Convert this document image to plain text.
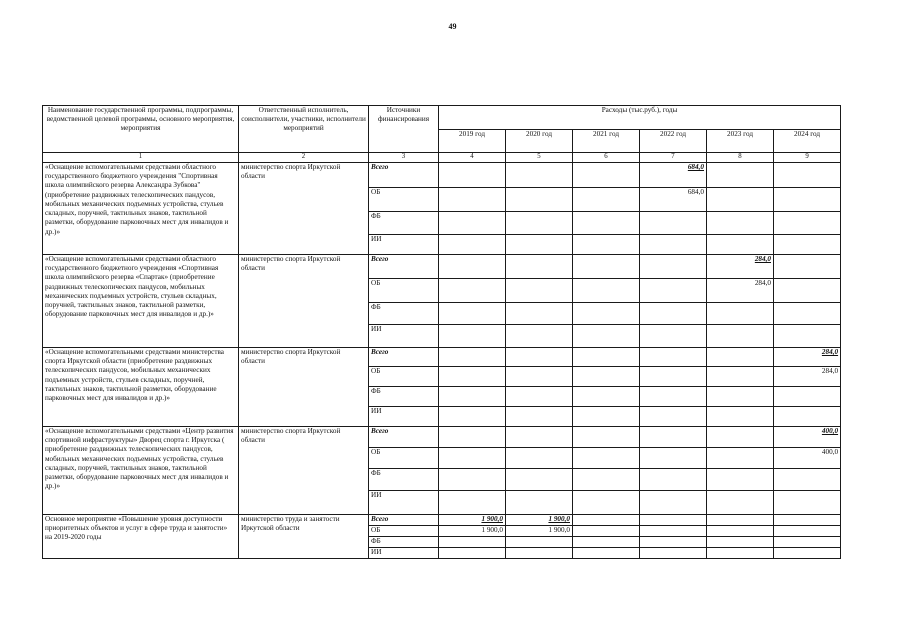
49
Наименование государственной программы, подпрограммы, ведомственной целевой программы, основного мероприятия, мероприятия	Ответственный исполнитель, соисполнители, участники, исполнители мероприятий	Источники финансирования	Расходы (тыс.руб.), годы					
			2019 год	2020 год	2021 год	2022 год	2023 год	2024 год
1	2	3	4	5	6	7	8	9
«Оснащение вспомогательными средствами областного государственного бюджетного учреждения "Спортивная школа олимпийского резерва Александра Зубкова" (приобретение раздвижных телескопических пандусов, мобильных механических подъемных устройства, стульев складных, поручней, тактильных знаков, тактильной разметки, оборудование парковочных мест для инвалидов и др.)»	министерство спорта Иркутской области	Всего				684,0		
		ОБ				684,0		
		ФБ						
		ИИ						
«Оснащение вспомогательными средствами областного государственного бюджетного учреждения «Спортивная школа олимпийского резерва «Спартак» (приобретение раздвижных телескопических пандусов, мобильных механических подъемных устройств, стульев складных, поручней, тактильных знаков, тактильной разметки, оборудование парковочных мест для инвалидов и др.)»	министерство спорта Иркутской области	Всего					284,0	
		ОБ					284,0	
		ФБ						
		ИИ						
«Оснащение вспомогательными средствами министерства спорта Иркутской области (приобретение раздвижных телескопических пандусов, мобильных механических подъемных устройств, стульев складных, поручней, тактильных знаков, тактильной разметки, оборудование парковочных мест для инвалидов и др.)»	министерство спорта Иркутской области	Всего						284,0
		ОБ						284,0
		ФБ						
		ИИ						
«Оснащение вспомогательными средствами «Центр развития спортивной инфраструктуры» Дворец спорта г. Иркутска ( приобретение раздвижных телескопических пандусов, мобильных механических подъемных устройства, стульев складных, поручней, тактильных знаков, тактильной разметки, оборудование парковочных мест для инвалидов и др.)»	министерство спорта Иркутской области	Всего						400,0
		ОБ						400,0
		ФБ						
		ИИ						
Основное мероприятие «Повышение уровня доступности приоритетных объектов и услуг в сфере труда и занятости» на 2019-2020 годы	министерство труда и занятости Иркутской области	Всего	1 900,0	1 900,0				
		ОБ	1 900,0	1 900,0				
		ФБ						
		ИИ						
